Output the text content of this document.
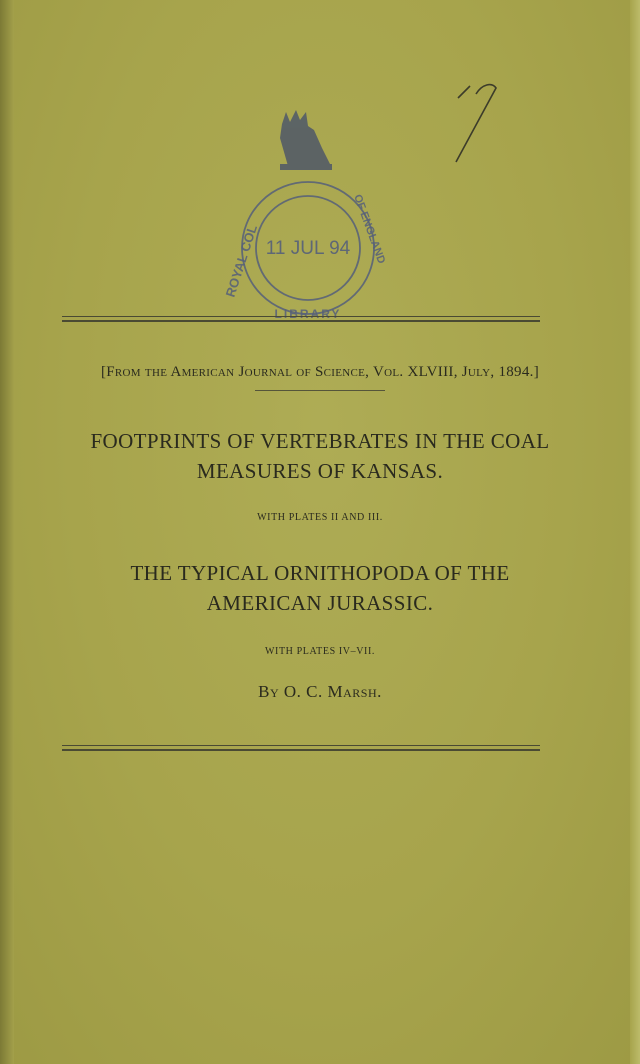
ROYAL COL	OF ENGLAND
11 JUL 94
LIBRARY
[From the American Journal of Science, Vol. XLVIII, July, 1894.]
FOOTPRINTS OF VERTEBRATES IN THE COAL
MEASURES OF KANSAS.
WITH PLATES II AND III.
THE TYPICAL ORNITHOPODA OF THE
AMERICAN JURASSIC.
WITH PLATES IV–VII.
By O. C. Marsh.
